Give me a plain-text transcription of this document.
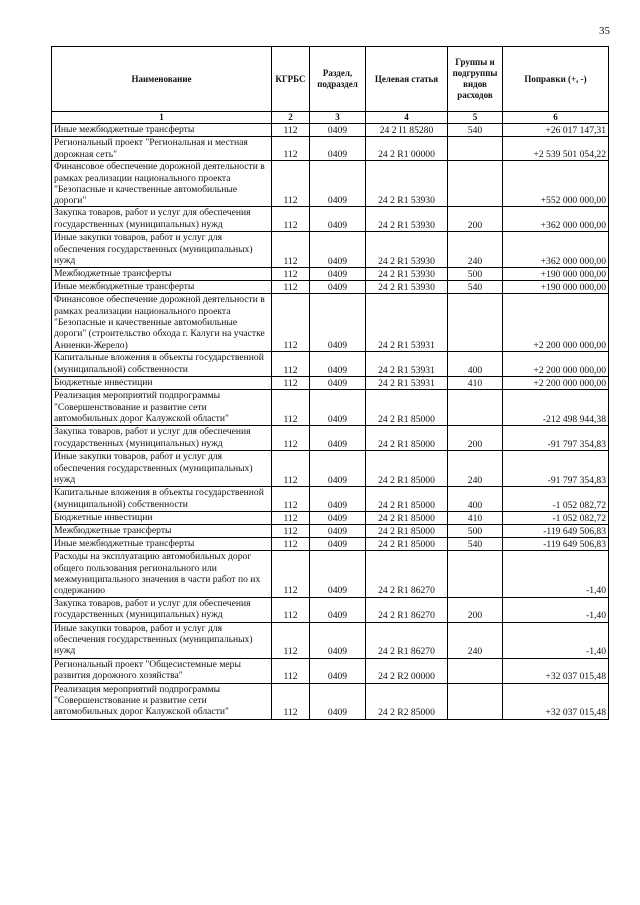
35
Наименование	КГРБС	Раздел, подраздел	Целевая статья	Группы и подгруппы видов расходов	Поправки (+, -)
1	2	3	4	5	6
Иные межбюджетные трансферты	112	0409	24 2 I1 85280	540	+26 017 147,31
Региональный проект "Региональная и местная дорожная сеть"	112	0409	24 2 R1 00000		+2 539 501 054,22
Финансовое обеспечение дорожной деятельности в рамках реализации национального проекта "Безопасные и качественные автомобильные дороги"	112	0409	24 2 R1 53930		+552 000 000,00
Закупка товаров, работ и услуг для обеспечения государственных (муниципальных) нужд	112	0409	24 2 R1 53930	200	+362 000 000,00
Иные закупки товаров, работ и услуг для обеспечения государственных (муниципальных) нужд	112	0409	24 2 R1 53930	240	+362 000 000,00
Межбюджетные трансферты	112	0409	24 2 R1 53930	500	+190 000 000,00
Иные межбюджетные трансферты	112	0409	24 2 R1 53930	540	+190 000 000,00
Финансовое обеспечение дорожной деятельности в рамках реализации национального проекта "Безопасные и качественные автомобильные дороги" (строительство обхода г. Калуги на участке Анненки-Жерело)	112	0409	24 2 R1 53931		+2 200 000 000,00
Капитальные вложения в объекты государственной (муниципальной) собственности	112	0409	24 2 R1 53931	400	+2 200 000 000,00
Бюджетные инвестиции	112	0409	24 2 R1 53931	410	+2 200 000 000,00
Реализация мероприятий подпрограммы "Совершенствование и развитие сети автомобильных дорог Калужской области"	112	0409	24 2 R1 85000		-212 498 944,38
Закупка товаров, работ и услуг для обеспечения государственных (муниципальных) нужд	112	0409	24 2 R1 85000	200	-91 797 354,83
Иные закупки товаров, работ и услуг для обеспечения государственных (муниципальных) нужд	112	0409	24 2 R1 85000	240	-91 797 354,83
Капитальные вложения в объекты государственной (муниципальной) собственности	112	0409	24 2 R1 85000	400	-1 052 082,72
Бюджетные инвестиции	112	0409	24 2 R1 85000	410	-1 052 082,72
Межбюджетные трансферты	112	0409	24 2 R1 85000	500	-119 649 506,83
Иные межбюджетные трансферты	112	0409	24 2 R1 85000	540	-119 649 506,83
Расходы на эксплуатацию автомобильных дорог общего пользования регионального или межмуниципального значения в части работ по их содержанию	112	0409	24 2 R1 86270		-1,40
Закупка товаров, работ и услуг для обеспечения государственных (муниципальных) нужд	112	0409	24 2 R1 86270	200	-1,40
Иные закупки товаров, работ и услуг для обеспечения государственных (муниципальных) нужд	112	0409	24 2 R1 86270	240	-1,40
Региональный проект "Общесистемные меры развития дорожного хозяйства"	112	0409	24 2 R2 00000		+32 037 015,48
Реализация мероприятий подпрограммы "Совершенствование и развитие сети автомобильных дорог Калужской области"	112	0409	24 2 R2 85000		+32 037 015,48
